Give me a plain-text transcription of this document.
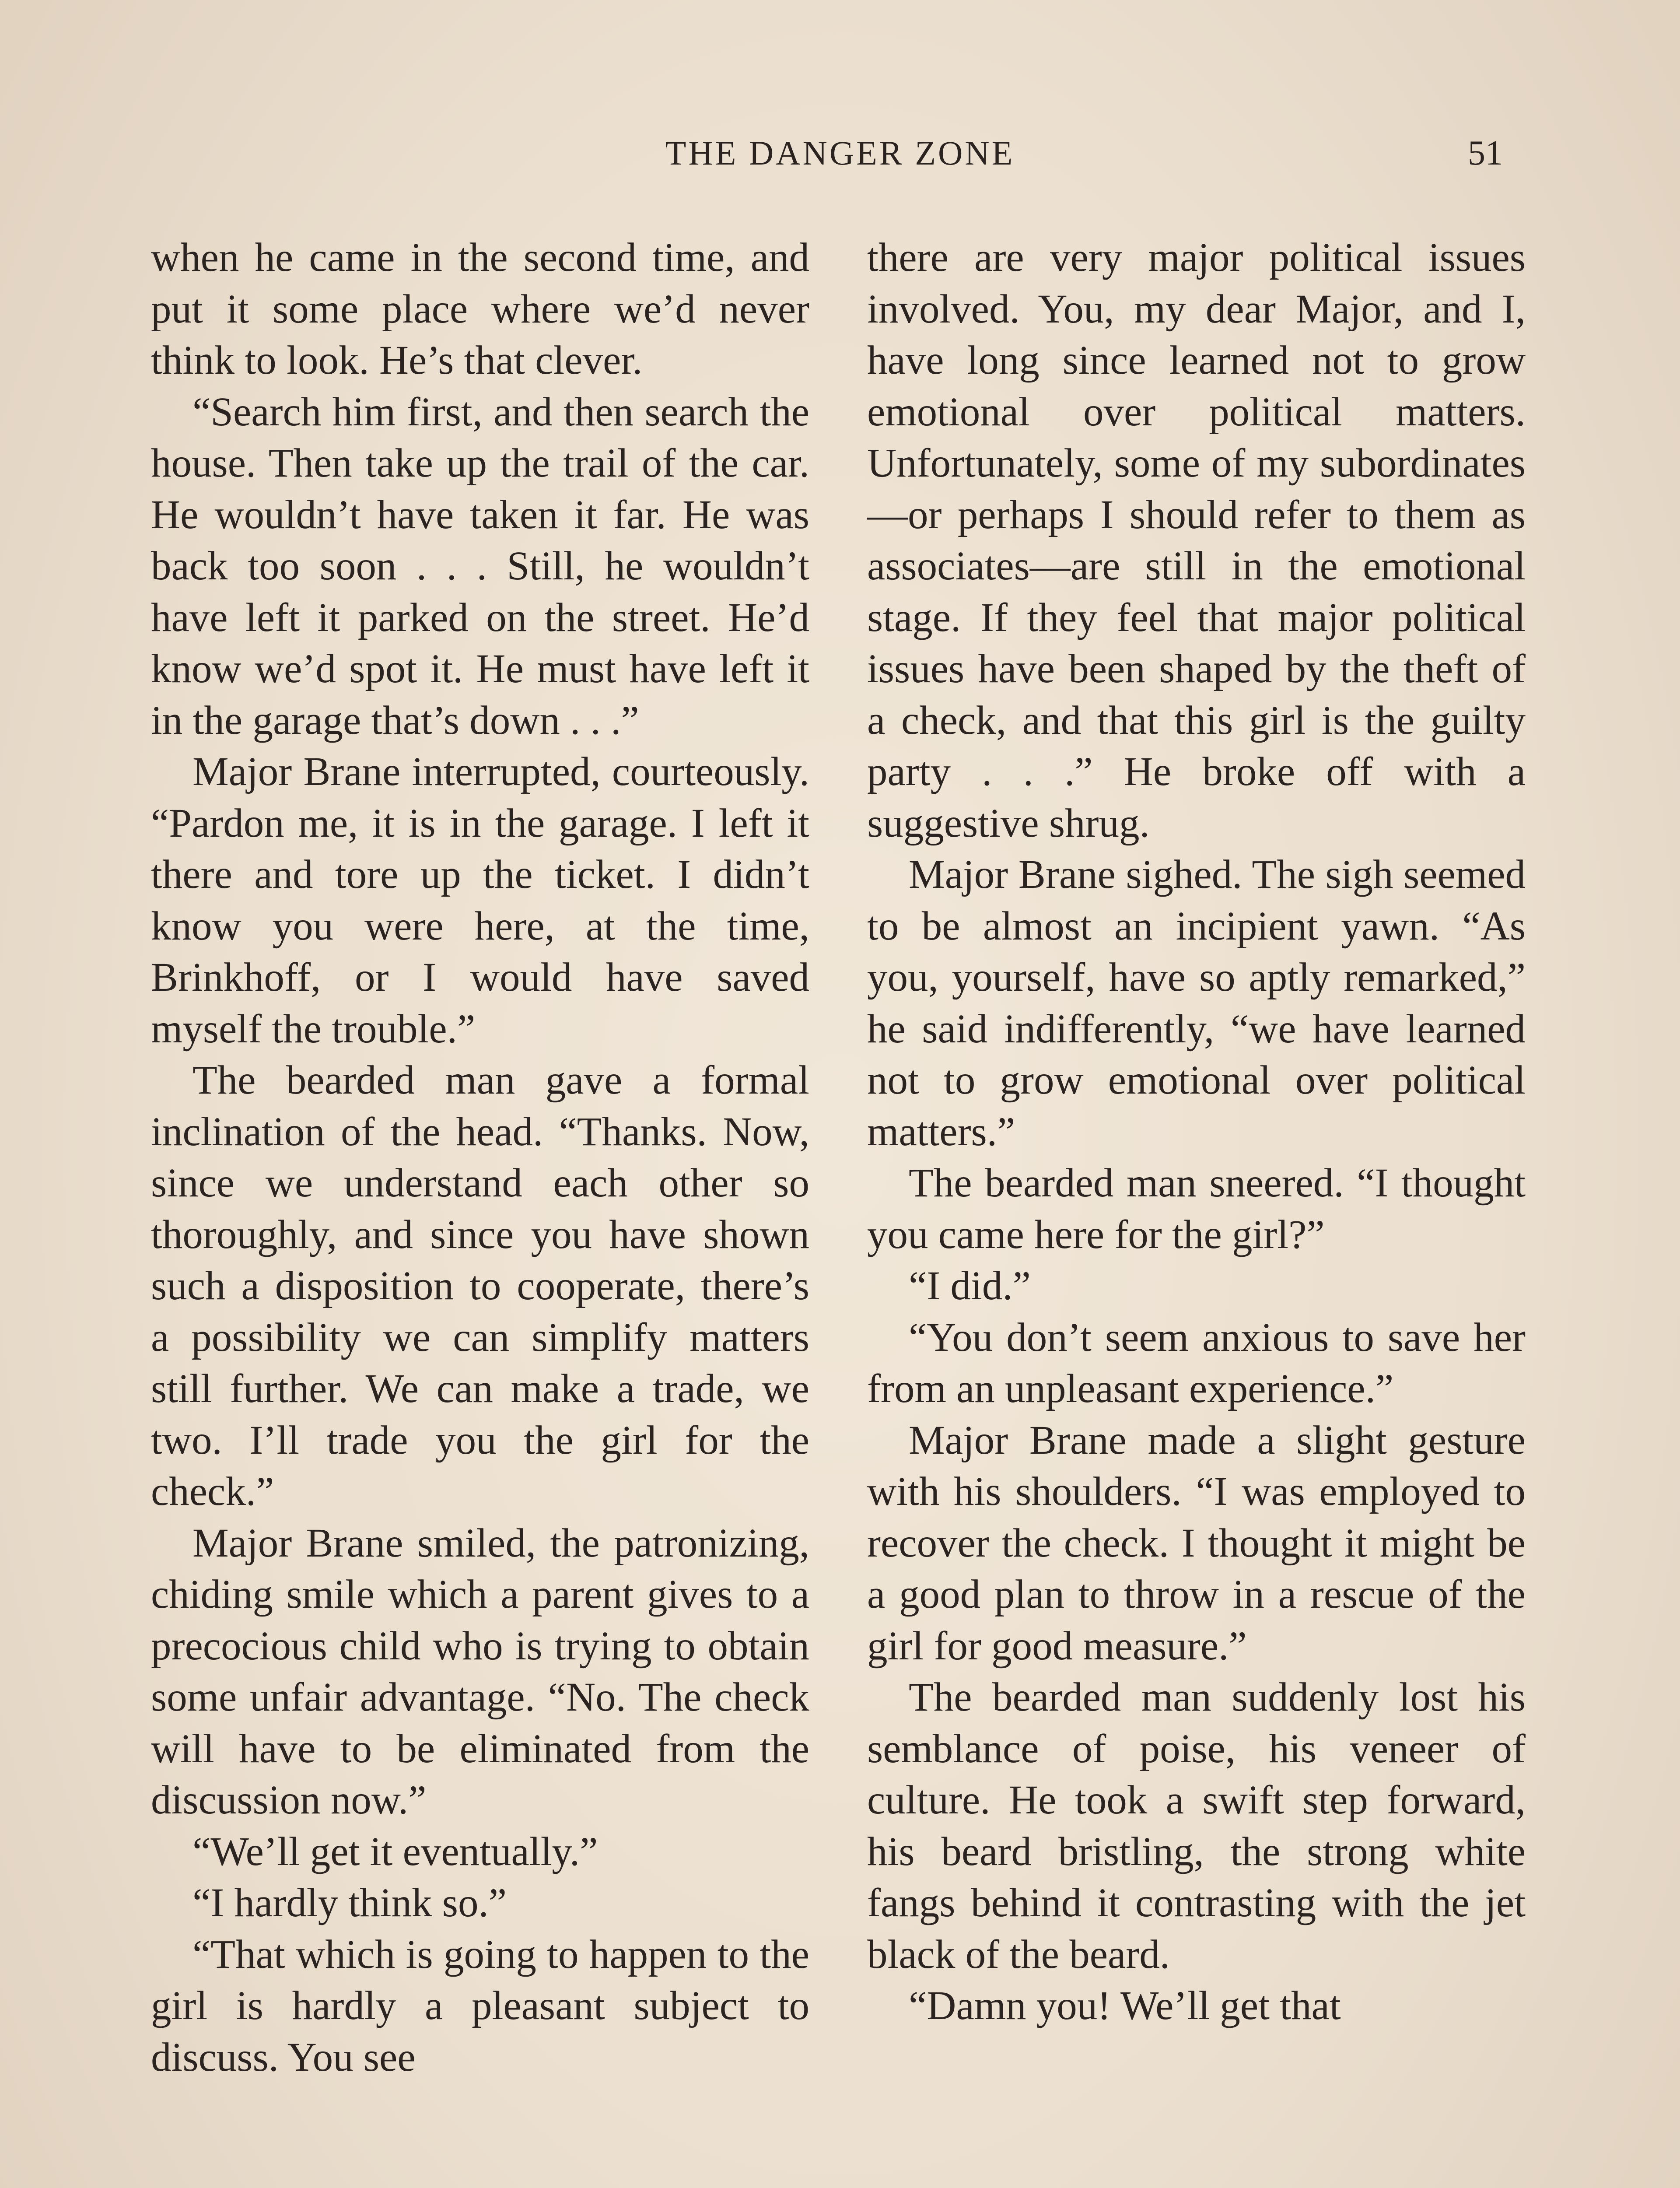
THE DANGER ZONE	51

when he came in the second time, and put it some place where we’d never think to look. He’s that clever.

“Search him first, and then search the house. Then take up the trail of the car. He wouldn’t have taken it far. He was back too soon . . . Still, he wouldn’t have left it parked on the street. He’d know we’d spot it. He must have left it in the garage that’s down . . .”

Major Brane interrupted, courteously. “Pardon me, it is in the garage. I left it there and tore up the ticket. I didn’t know you were here, at the time, Brinkhoff, or I would have saved myself the trouble.”

The bearded man gave a formal inclination of the head. “Thanks. Now, since we understand each other so thoroughly, and since you have shown such a disposition to cooperate, there’s a possibility we can simplify matters still further. We can make a trade, we two. I’ll trade you the girl for the check.”

Major Brane smiled, the patronizing, chiding smile which a parent gives to a precocious child who is trying to obtain some unfair advantage. “No. The check will have to be eliminated from the discussion now.”

“We’ll get it eventually.”

“I hardly think so.”

“That which is going to happen to the girl is hardly a pleasant subject to discuss. You see

there are very major political issues involved. You, my dear Major, and I, have long since learned not to grow emotional over political matters. Unfortunately, some of my subordinates—or perhaps I should refer to them as associates—are still in the emotional stage. If they feel that major political issues have been shaped by the theft of a check, and that this girl is the guilty party . . .” He broke off with a suggestive shrug.

Major Brane sighed. The sigh seemed to be almost an incipient yawn. “As you, yourself, have so aptly remarked,” he said indifferently, “we have learned not to grow emotional over political matters.”

The bearded man sneered. “I thought you came here for the girl?”

“I did.”

“You don’t seem anxious to save her from an unpleasant experience.”

Major Brane made a slight gesture with his shoulders. “I was employed to recover the check. I thought it might be a good plan to throw in a rescue of the girl for good measure.”

The bearded man suddenly lost his semblance of poise, his veneer of culture. He took a swift step forward, his beard bristling, the strong white fangs behind it contrasting with the jet black of the beard.

“Damn you! We’ll get that
